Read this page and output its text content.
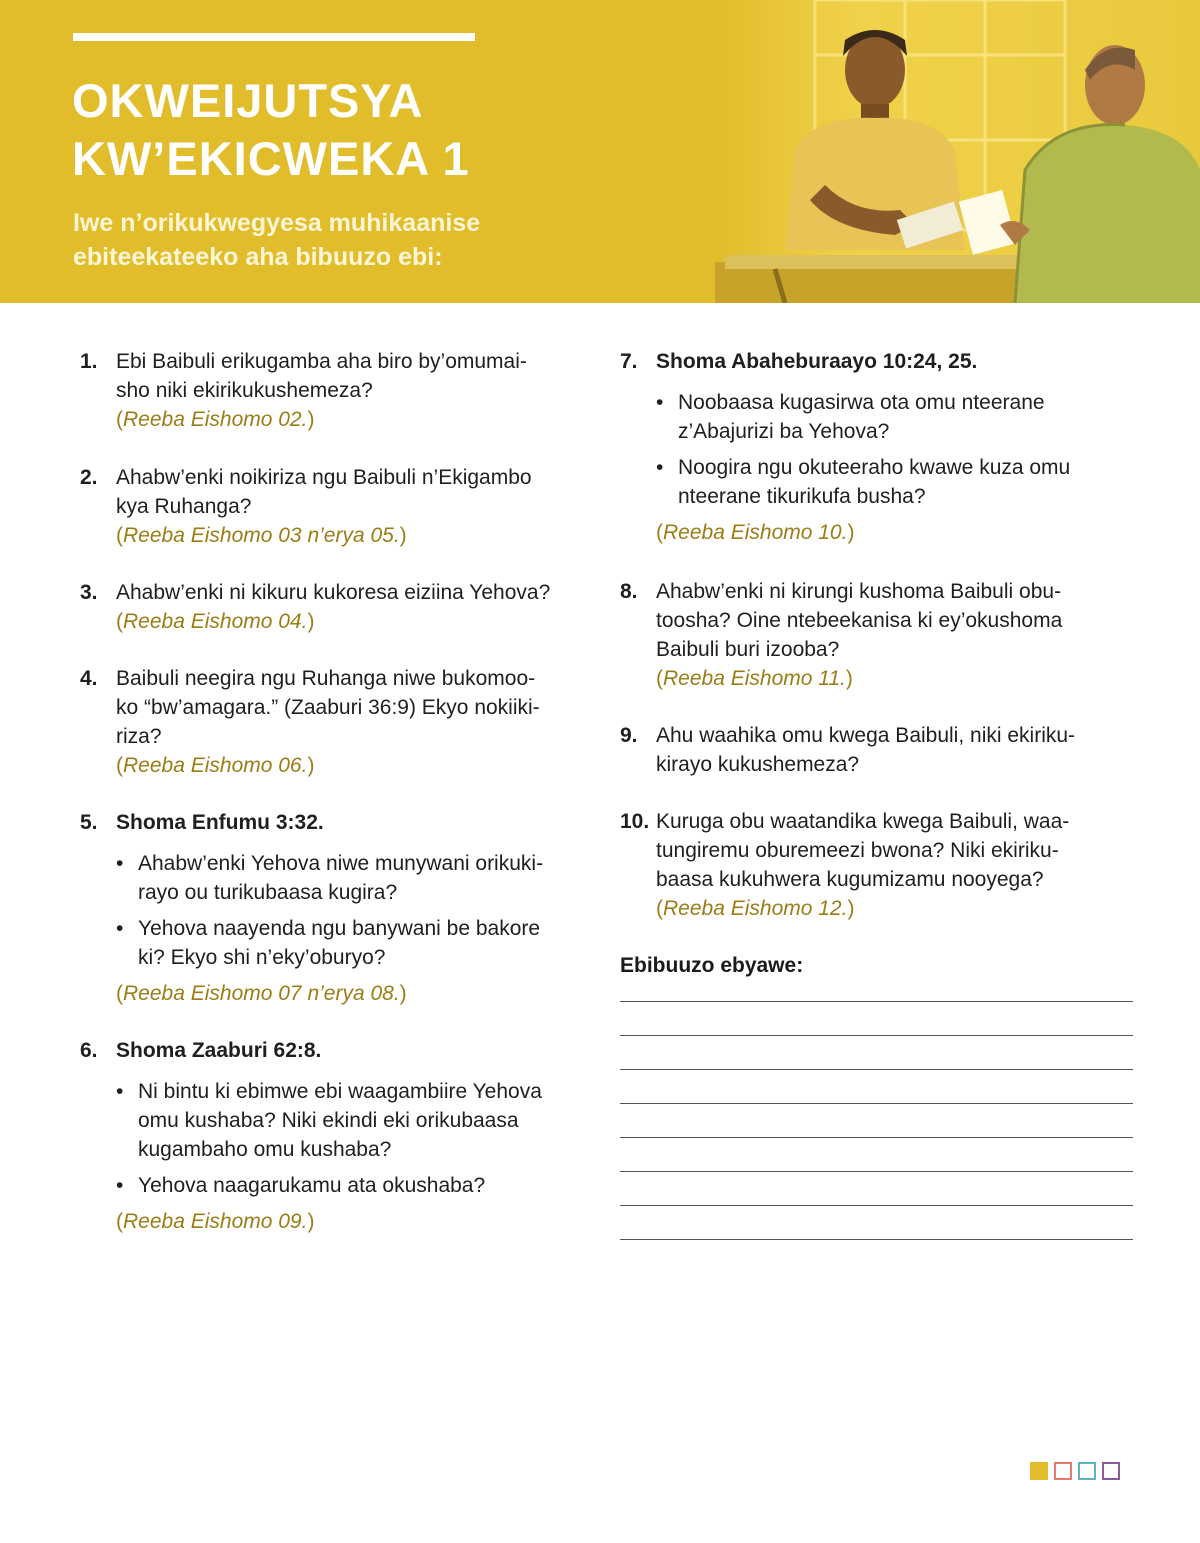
OKWEIJUTSYA
KW’EKICWEKA 1
Iwe n’orikukwegyesa muhikaanise
ebiteekateeko aha bibuuzo ebi:
1. Ebi Baibuli erikugamba aha biro by’omumai-
sho niki ekirikukushemeza?
(Reeba Eishomo 02.)
2. Ahabw’enki noikiriza ngu Baibuli n’Ekigambo
kya Ruhanga?
(Reeba Eishomo 03 n’erya 05.)
3. Ahabw’enki ni kikuru kukoresa eiziina Yehova?
(Reeba Eishomo 04.)
4. Baibuli neegira ngu Ruhanga niwe bukomoo-
ko “bw’amagara.” (Zaaburi 36:9) Ekyo nokiiki-
riza?
(Reeba Eishomo 06.)
5. Shoma Enfumu 3:32.
• Ahabw’enki Yehova niwe munywani orikuki-
rayo ou turikubaasa kugira?
• Yehova naayenda ngu banywani be bakore
ki? Ekyo shi n’eky’oburyo?
(Reeba Eishomo 07 n’erya 08.)
6. Shoma Zaaburi 62:8.
• Ni bintu ki ebimwe ebi waagambiire Yehova
omu kushaba? Niki ekindi eki orikubaasa
kugambaho omu kushaba?
• Yehova naagarukamu ata okushaba?
(Reeba Eishomo 09.)
7. Shoma Abaheburaayo 10:24, 25.
• Noobaasa kugasirwa ota omu nteerane
z’Abajurizi ba Yehova?
• Noogira ngu okuteeraho kwawe kuza omu
nteerane tikurikufa busha?
(Reeba Eishomo 10.)
8. Ahabw’enki ni kirungi kushoma Baibuli obu-
toosha? Oine ntebeekanisa ki ey’okushoma
Baibuli buri izooba?
(Reeba Eishomo 11.)
9. Ahu waahika omu kwega Baibuli, niki ekiriku-
kirayo kukushemeza?
10. Kuruga obu waatandika kwega Baibuli, waa-
tungiremu oburemeezi bwona? Niki ekiriku-
baasa kukuhwera kugumizamu nooyega?
(Reeba Eishomo 12.)
Ebibuuzo ebyawe:
